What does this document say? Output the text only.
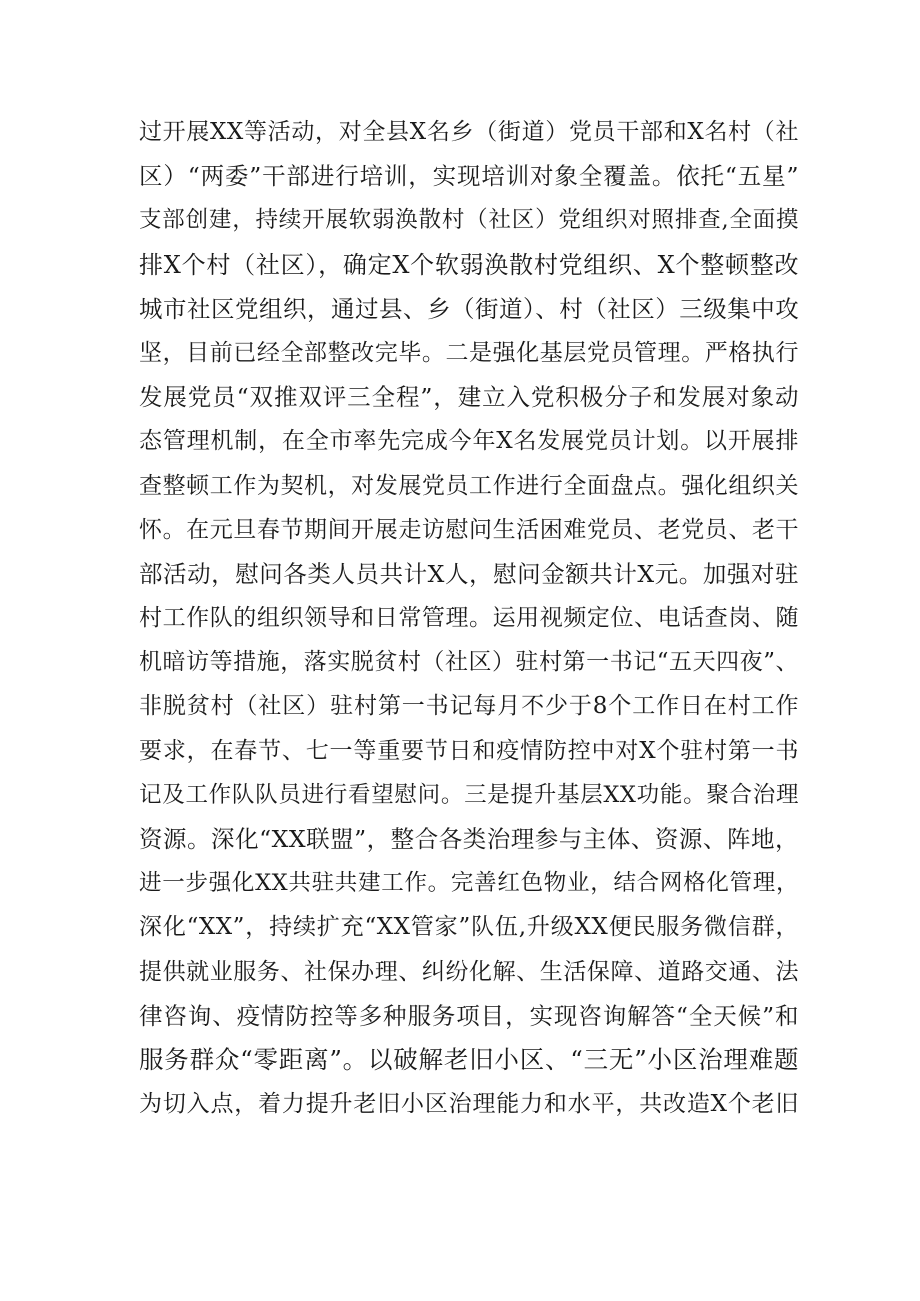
过开展XX等活动，对全县X名乡（街道）党员干部和X名村（社
区）“两委”干部进行培训，实现培训对象全覆盖。依托“五星”
支部创建，持续开展软弱涣散村（社区）党组织对照排查,全面摸
排X个村（社区），确定X个软弱涣散村党组织、X个整顿整改
城市社区党组织，通过县、乡（街道）、村（社区）三级集中攻
坚，目前已经全部整改完毕。二是强化基层党员管理。严格执行
发展党员“双推双评三全程”，建立入党积极分子和发展对象动
态管理机制，在全市率先完成今年X名发展党员计划。以开展排
查整顿工作为契机，对发展党员工作进行全面盘点。强化组织关
怀。在元旦春节期间开展走访慰问生活困难党员、老党员、老干
部活动，慰问各类人员共计X人，慰问金额共计X元。加强对驻
村工作队的组织领导和日常管理。运用视频定位、电话查岗、随
机暗访等措施，落实脱贫村（社区）驻村第一书记“五天四夜”、
非脱贫村（社区）驻村第一书记每月不少于8个工作日在村工作
要求，在春节、七一等重要节日和疫情防控中对X个驻村第一书
记及工作队队员进行看望慰问。三是提升基层XX功能。聚合治理
资源。深化“XX联盟”，整合各类治理参与主体、资源、阵地，
进一步强化XX共驻共建工作。完善红色物业，结合网格化管理，
深化“XX”，持续扩充“XX管家”队伍,升级XX便民服务微信群，
提供就业服务、社保办理、纠纷化解、生活保障、道路交通、法
律咨询、疫情防控等多种服务项目，实现咨询解答“全天候”和
服务群众“零距离”。以破解老旧小区、“三无”小区治理难题
为切入点，着力提升老旧小区治理能力和水平，共改造X个老旧
